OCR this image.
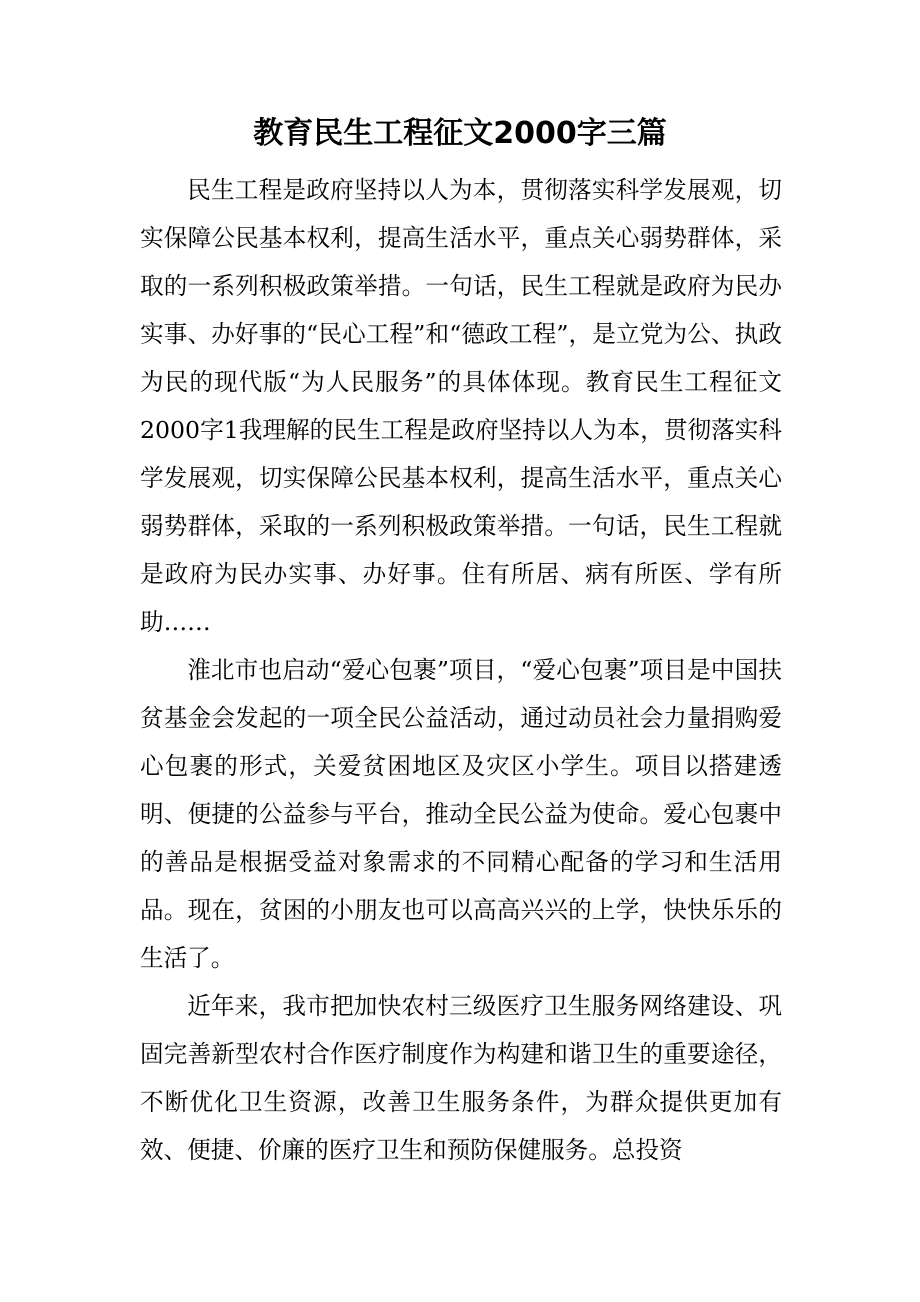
教育民生工程征文2000字三篇

民生工程是政府坚持以人为本，贯彻落实科学发展观，切实保障公民基本权利，提高生活水平，重点关心弱势群体，采取的一系列积极政策举措。一句话，民生工程就是政府为民办实事、办好事的“民心工程”和“德政工程”，是立党为公、执政为民的现代版“为人民服务”的具体体现。教育民生工程征文2000字1我理解的民生工程是政府坚持以人为本，贯彻落实科学发展观，切实保障公民基本权利，提高生活水平，重点关心弱势群体，采取的一系列积极政策举措。一句话，民生工程就是政府为民办实事、办好事。住有所居、病有所医、学有所助……

淮北市也启动“爱心包裹”项目，“爱心包裹”项目是中国扶贫基金会发起的一项全民公益活动，通过动员社会力量捐购爱心包裹的形式，关爱贫困地区及灾区小学生。项目以搭建透明、便捷的公益参与平台，推动全民公益为使命。爱心包裹中的善品是根据受益对象需求的不同精心配备的学习和生活用品。现在，贫困的小朋友也可以高高兴兴的上学，快快乐乐的生活了。

近年来，我市把加快农村三级医疗卫生服务网络建设、巩固完善新型农村合作医疗制度作为构建和谐卫生的重要途径，不断优化卫生资源，改善卫生服务条件，为群众提供更加有效、便捷、价廉的医疗卫生和预防保健服务。总投资
